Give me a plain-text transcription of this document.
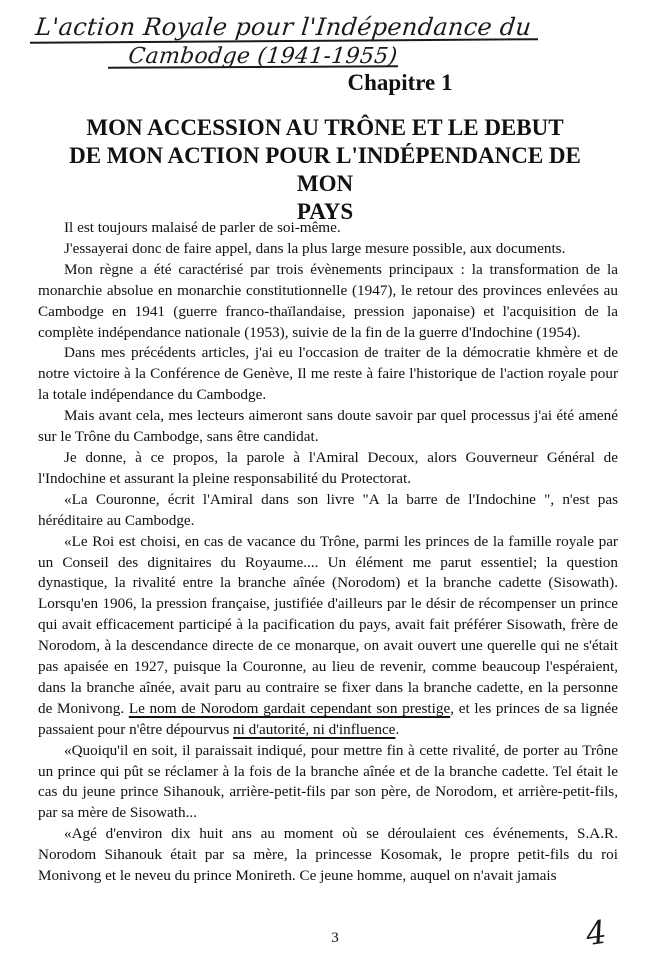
L'action Royale pour l'Indépendance du
Cambodge (1941-1955)
Chapitre 1
MON ACCESSION AU TRÔNE ET LE DEBUT
DE MON ACTION POUR L'INDÉPENDANCE DE MON
PAYS

Il est toujours malaisé de parler de soi-même.

J'essayerai donc de faire appel, dans la plus large mesure possible, aux documents.

Mon règne a été caractérisé par trois évènements principaux : la transformation de la monarchie absolue en monarchie constitutionnelle (1947), le retour des provinces enlevées au Cambodge en 1941 (guerre franco-thaïlandaise, pression japonaise) et l'acquisition de la complète indépendance nationale (1953), suivie de la fin de la guerre d'Indochine (1954).

Dans mes précédents articles, j'ai eu l'occasion de traiter de la démocratie khmère et de notre victoire à la Conférence de Genève, Il me reste à faire l'historique de l'action royale pour la totale indépendance du Cambodge.

Mais avant cela, mes lecteurs aimeront sans doute savoir par quel processus j'ai été amené sur le Trône du Cambodge, sans être candidat.

Je donne, à ce propos, la parole à l'Amiral Decoux, alors Gouverneur Général de l'Indochine et assurant la pleine responsabilité du Protectorat.

«La Couronne, écrit l'Amiral dans son livre "A la barre de l'Indochine ", n'est pas héréditaire au Cambodge.

«Le Roi est choisi, en cas de vacance du Trône, parmi les princes de la famille royale par un Conseil des dignitaires du Royaume.... Un élément me parut essentiel; la question dynastique, la rivalité entre la branche aînée (Norodom) et la branche cadette (Sisowath). Lorsqu'en 1906, la pression française, justifiée d'ailleurs par le désir de récompenser un prince qui avait efficacement participé à la pacification du pays, avait fait préférer Sisowath, frère de Norodom, à la descendance directe de ce monarque, on avait ouvert une querelle qui ne s'était pas apaisée en 1927, puisque la Couronne, au lieu de revenir, comme beaucoup l'espéraient, dans la branche aînée, avait paru au contraire se fixer dans la branche cadette, en la personne de Monivong. Le nom de Norodom gardait cependant son prestige, et les princes de sa lignée passaient pour n'être dépourvus ni d'autorité, ni d'influence.

«Quoiqu'il en soit, il paraissait indiqué, pour mettre fin à cette rivalité, de porter au Trône un prince qui pût se réclamer à la fois de la branche aînée et de la branche cadette. Tel était le cas du jeune prince Sihanouk, arrière-petit-fils par son père, de Norodom, et arrière-petit-fils, par sa mère de Sisowath...

«Agé d'environ dix huit ans au moment où se déroulaient ces événements, S.A.R. Norodom Sihanouk était par sa mère, la princesse Kosomak, le propre petit-fils du roi Monivong et le neveu du prince Monireth. Ce jeune homme, auquel on n'avait jamais

3	4
